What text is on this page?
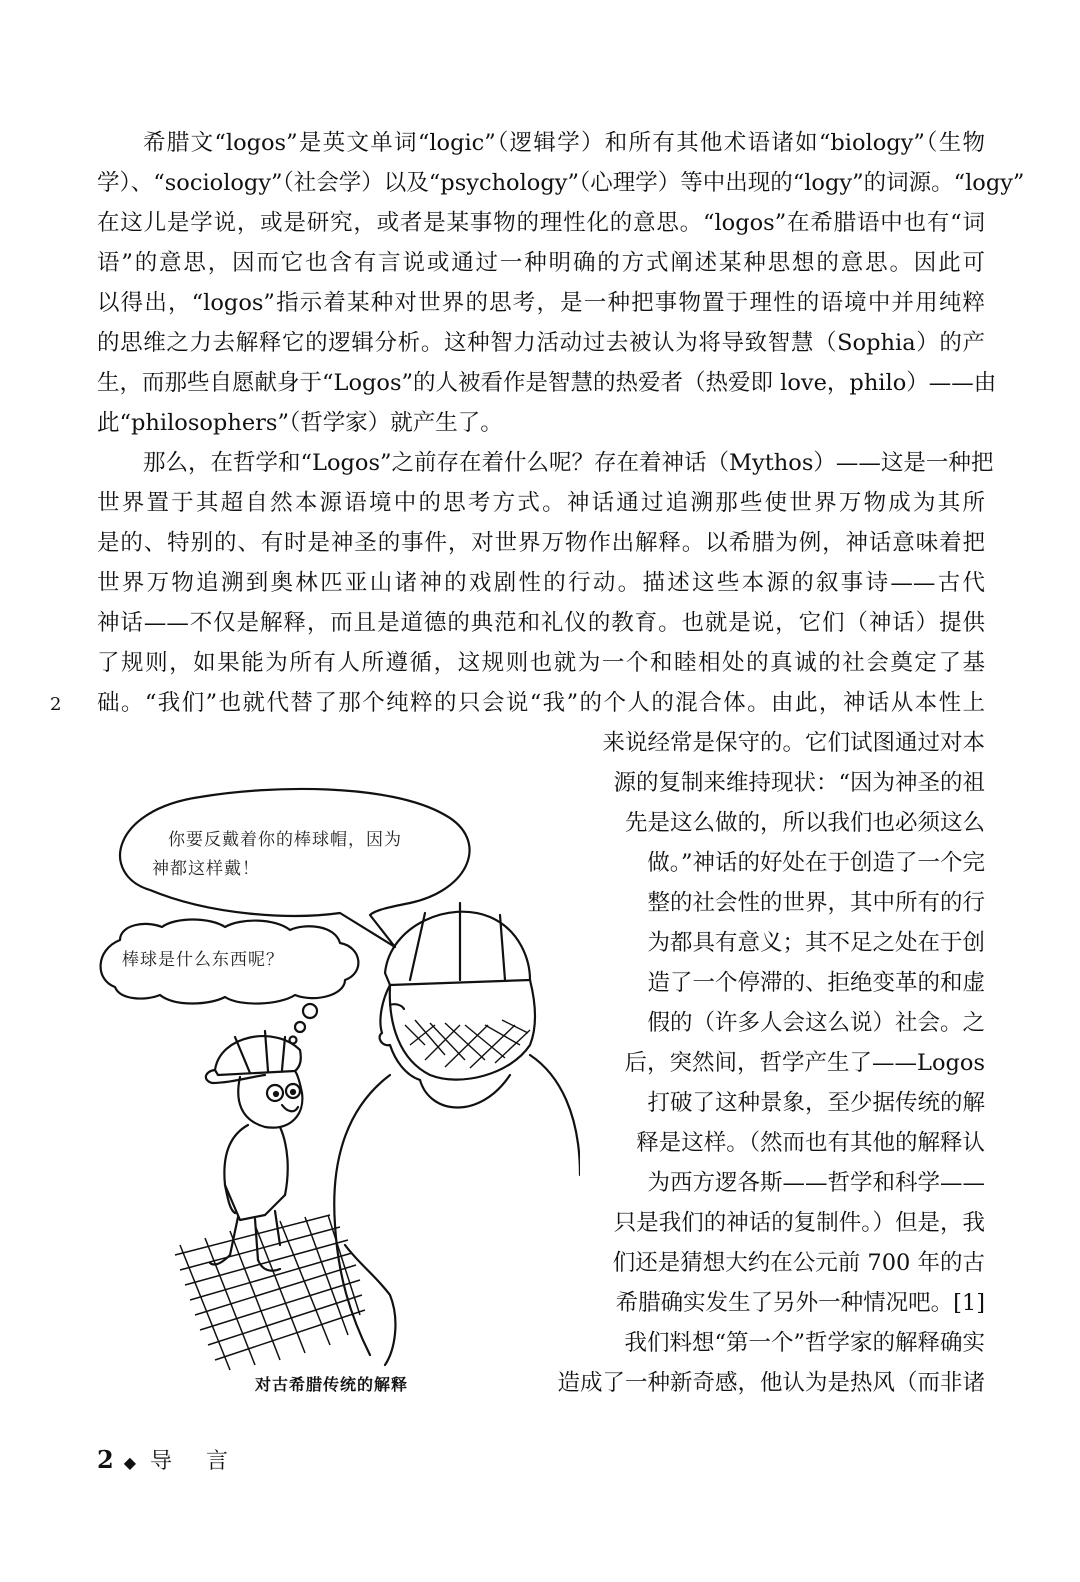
希腊文“logos”是英文单词“logic”（逻辑学）和所有其他术语诸如“biology”（生物
学）、“sociology”（社会学）以及“psychology”（心理学）等中出现的“logy”的词源。“logy”
在这儿是学说，或是研究，或者是某事物的理性化的意思。“logos”在希腊语中也有“词
语”的意思，因而它也含有言说或通过一种明确的方式阐述某种思想的意思。因此可
以得出，“logos”指示着某种对世界的思考，是一种把事物置于理性的语境中并用纯粹
的思维之力去解释它的逻辑分析。这种智力活动过去被认为将导致智慧（Sophia）的产
生，而那些自愿献身于“Logos”的人被看作是智慧的热爱者（热爱即 love，philo）——由
此“philosophers”（哲学家）就产生了。
那么，在哲学和“Logos”之前存在着什么呢？存在着神话（Mythos）——这是一种把
世界置于其超自然本源语境中的思考方式。神话通过追溯那些使世界万物成为其所
是的、特别的、有时是神圣的事件，对世界万物作出解释。以希腊为例，神话意味着把
世界万物追溯到奥林匹亚山诸神的戏剧性的行动。描述这些本源的叙事诗——古代
神话——不仅是解释，而且是道德的典范和礼仪的教育。也就是说，它们（神话）提供
了规则，如果能为所有人所遵循，这规则也就为一个和睦相处的真诚的社会奠定了基
础。“我们”也就代替了那个纯粹的只会说“我”的个人的混合体。由此，神话从本性上
2
来说经常是保守的。它们试图通过对本
源的复制来维持现状：“因为神圣的祖
先是这么做的，所以我们也必须这么
做。”神话的好处在于创造了一个完
整的社会性的世界，其中所有的行
为都具有意义；其不足之处在于创
造了一个停滞的、拒绝变革的和虚
假的（许多人会这么说）社会。之
后，突然间，哲学产生了——Logos
打破了这种景象，至少据传统的解
释是这样。（然而也有其他的解释认
为西方逻各斯——哲学和科学——
只是我们的神话的复制件。）但是，我
们还是猜想大约在公元前 700 年的古
希腊确实发生了另外一种情况吧。[1]
我们料想“第一个”哲学家的解释确实
造成了一种新奇感，他认为是热风（而非诸
你要反戴着你的棒球帽，因为
神都这样戴！
棒球是什么东西呢？
对古希腊传统的解释
2 ◆ 导 言
